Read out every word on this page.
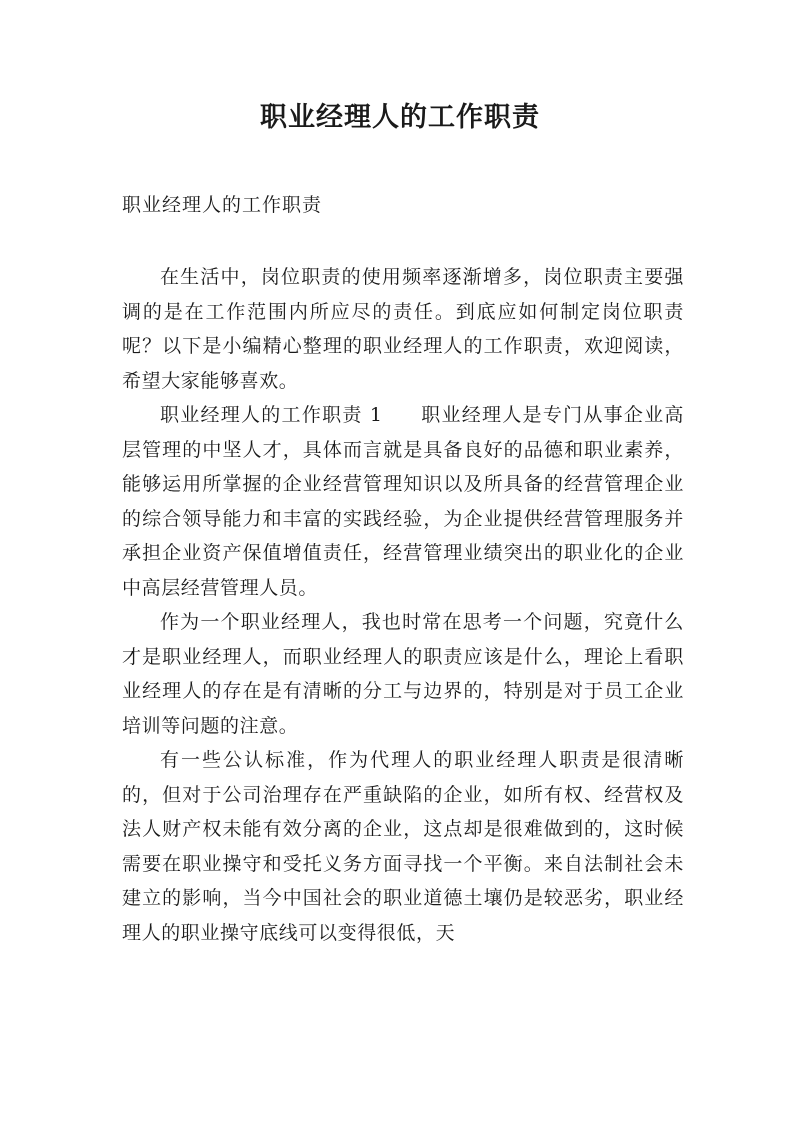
职业经理人的工作职责

职业经理人的工作职责

在生活中，岗位职责的使用频率逐渐增多，岗位职责主要强调的是在工作范围内所应尽的责任。到底应如何制定岗位职责呢？以下是小编精心整理的职业经理人的工作职责，欢迎阅读，希望大家能够喜欢。

职业经理人的工作职责 1 职业经理人是专门从事企业高层管理的中坚人才，具体而言就是具备良好的品德和职业素养，能够运用所掌握的企业经营管理知识以及所具备的经营管理企业的综合领导能力和丰富的实践经验，为企业提供经营管理服务并承担企业资产保值增值责任，经营管理业绩突出的职业化的企业中高层经营管理人员。

作为一个职业经理人，我也时常在思考一个问题，究竟什么才是职业经理人，而职业经理人的职责应该是什么，理论上看职业经理人的存在是有清晰的分工与边界的，特别是对于员工企业培训等问题的注意。

有一些公认标准，作为代理人的职业经理人职责是很清晰的，但对于公司治理存在严重缺陷的企业，如所有权、经营权及法人财产权未能有效分离的企业，这点却是很难做到的，这时候需要在职业操守和受托义务方面寻找一个平衡。来自法制社会未建立的影响，当今中国社会的职业道德土壤仍是较恶劣，职业经理人的职业操守底线可以变得很低，天
